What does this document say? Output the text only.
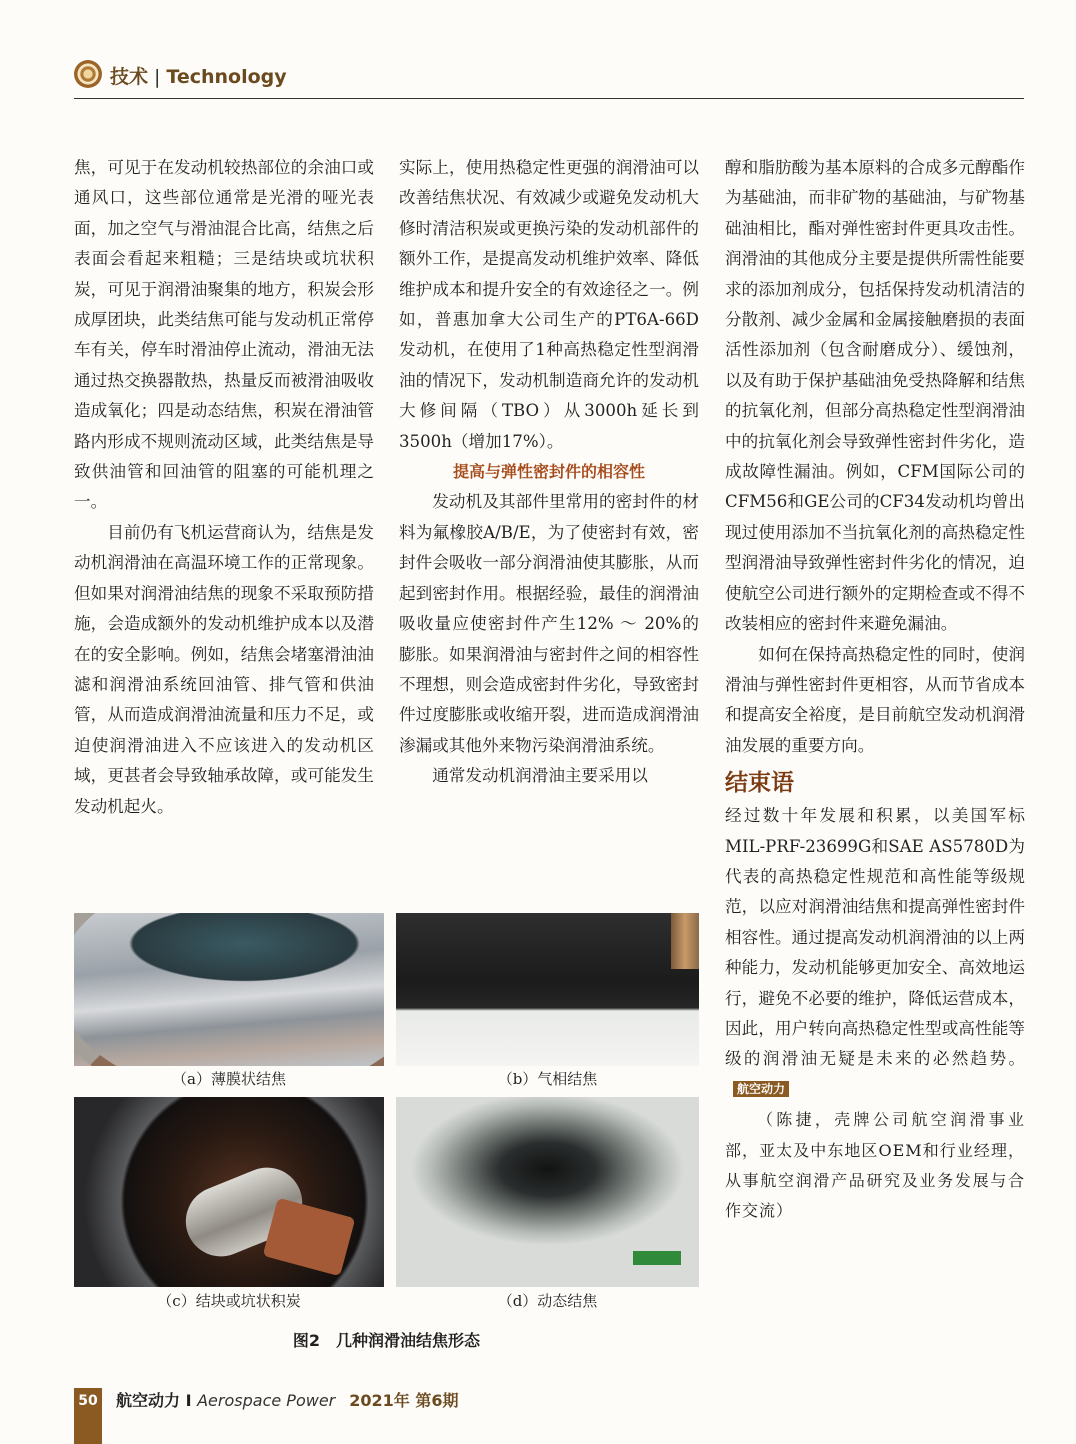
技术 | Technology

焦，可见于在发动机较热部位的余油口或通风口，这些部位通常是光滑的哑光表面，加之空气与滑油混合比高，结焦之后表面会看起来粗糙；三是结块或坑状积炭，可见于润滑油聚集的地方，积炭会形成厚团块，此类结焦可能与发动机正常停车有关，停车时滑油停止流动，滑油无法通过热交换器散热，热量反而被滑油吸收造成氧化；四是动态结焦，积炭在滑油管路内形成不规则流动区域，此类结焦是导致供油管和回油管的阻塞的可能机理之一。

目前仍有飞机运营商认为，结焦是发动机润滑油在高温环境工作的正常现象。但如果对润滑油结焦的现象不采取预防措施，会造成额外的发动机维护成本以及潜在的安全影响。例如，结焦会堵塞滑油油滤和润滑油系统回油管、排气管和供油管，从而造成润滑油流量和压力不足，或迫使润滑油进入不应该进入的发动机区域，更甚者会导致轴承故障，或可能发生发动机起火。

实际上，使用热稳定性更强的润滑油可以改善结焦状况、有效减少或避免发动机大修时清洁积炭或更换污染的发动机部件的额外工作，是提高发动机维护效率、降低维护成本和提升安全的有效途径之一。例如，普惠加拿大公司生产的PT6A-66D发动机，在使用了1种高热稳定性型润滑油的情况下，发动机制造商允许的发动机大修间隔（TBO）从3000h延长到3500h（增加17%）。

提高与弹性密封件的相容性

发动机及其部件里常用的密封件的材料为氟橡胶A/B/E，为了使密封有效，密封件会吸收一部分润滑油使其膨胀，从而起到密封作用。根据经验，最佳的润滑油吸收量应使密封件产生12% ～ 20%的膨胀。如果润滑油与密封件之间的相容性不理想，则会造成密封件劣化，导致密封件过度膨胀或收缩开裂，进而造成润滑油渗漏或其他外来物污染润滑油系统。

通常发动机润滑油主要采用以

醇和脂肪酸为基本原料的合成多元醇酯作为基础油，而非矿物的基础油，与矿物基础油相比，酯对弹性密封件更具攻击性。润滑油的其他成分主要是提供所需性能要求的添加剂成分，包括保持发动机清洁的分散剂、减少金属和金属接触磨损的表面活性添加剂（包含耐磨成分）、缓蚀剂，以及有助于保护基础油免受热降解和结焦的抗氧化剂，但部分高热稳定性型润滑油中的抗氧化剂会导致弹性密封件劣化，造成故障性漏油。例如，CFM国际公司的CFM56和GE公司的CF34发动机均曾出现过使用添加不当抗氧化剂的高热稳定性型润滑油导致弹性密封件劣化的情况，迫使航空公司进行额外的定期检查或不得不改装相应的密封件来避免漏油。

如何在保持高热稳定性的同时，使润滑油与弹性密封件更相容，从而节省成本和提高安全裕度，是目前航空发动机润滑油发展的重要方向。

结束语

经过数十年发展和积累，以美国军标MIL-PRF-23699G和SAE AS5780D为代表的高热稳定性规范和高性能等级规范，以应对润滑油结焦和提高弹性密封件相容性。通过提高发动机润滑油的以上两种能力，发动机能够更加安全、高效地运行，避免不必要的维护，降低运营成本，因此，用户转向高热稳定性型或高性能等级的润滑油无疑是未来的必然趋势。航空动力

（陈捷，壳牌公司航空润滑事业部，亚太及中东地区OEM和行业经理，从事航空润滑产品研究及业务发展与合作交流）

（a）薄膜状结焦	（b）气相结焦
（c）结块或坑状积炭	（d）动态结焦
图2　几种润滑油结焦形态
50 航空动力 I Aerospace Power 2021年 第6期
